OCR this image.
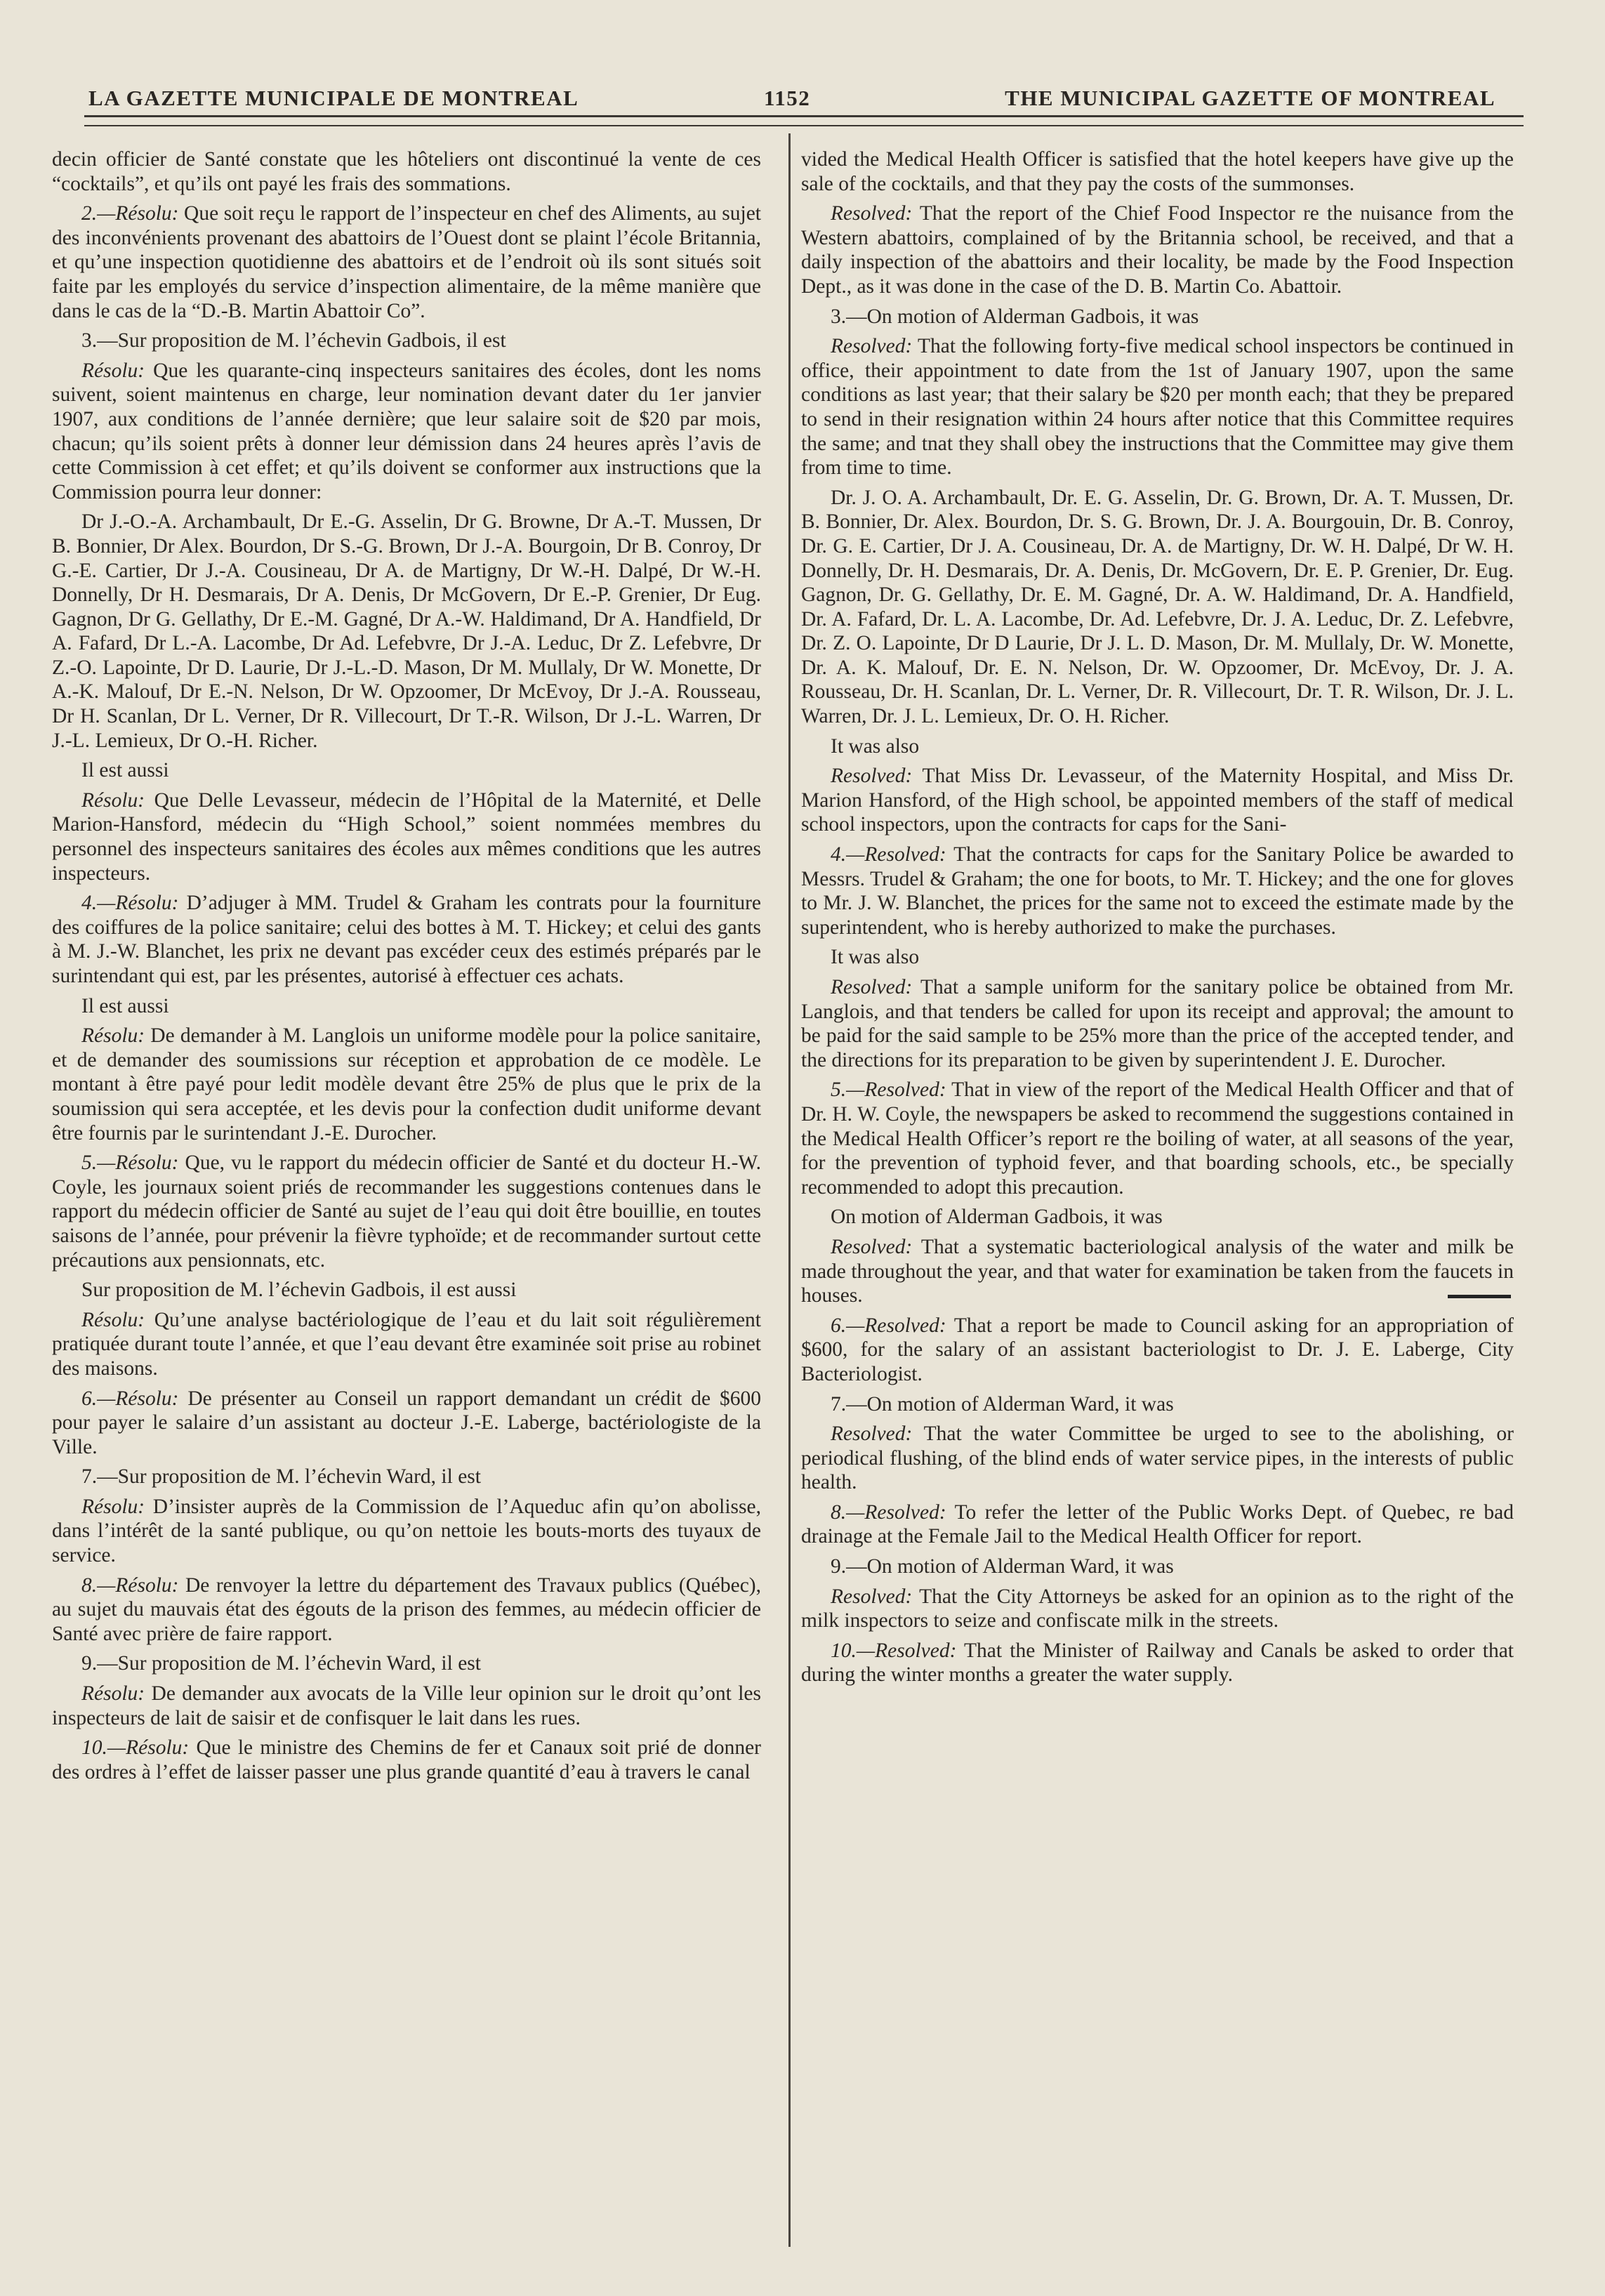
LA GAZETTE MUNICIPALE DE MONTREAL	1152	THE MUNICIPAL GAZETTE OF MONTREAL

decin officier de Santé constate que les hôteliers ont discontinué la vente de ces “cocktails”, et qu’ils ont payé les frais des sommations.

2.—Résolu: Que soit reçu le rapport de l’inspecteur en chef des Aliments, au sujet des inconvénients provenant des abattoirs de l’Ouest dont se plaint l’école Britannia, et qu’une inspection quotidienne des abattoirs et de l’endroit où ils sont situés soit faite par les employés du service d’inspection alimentaire, de la même manière que dans le cas de la “D.-B. Martin Abattoir Co”.

3.—Sur proposition de M. l’échevin Gadbois, il est

Résolu: Que les quarante-cinq inspecteurs sanitaires des écoles, dont les noms suivent, soient maintenus en charge, leur nomination devant dater du 1er janvier 1907, aux conditions de l’année dernière; que leur salaire soit de $20 par mois, chacun; qu’ils soient prêts à donner leur démission dans 24 heures après l’avis de cette Commission à cet effet; et qu’ils doivent se conformer aux instructions que la Commission pourra leur donner:

Dr J.-O.-A. Archambault, Dr E.-G. Asselin, Dr G. Browne, Dr A.-T. Mussen, Dr B. Bonnier, Dr Alex. Bourdon, Dr S.-G. Brown, Dr J.-A. Bourgoin, Dr B. Conroy, Dr G.-E. Cartier, Dr J.-A. Cousineau, Dr A. de Martigny, Dr W.-H. Dalpé, Dr W.-H. Donnelly, Dr H. Desmarais, Dr A. Denis, Dr McGovern, Dr E.-P. Grenier, Dr Eug. Gagnon, Dr G. Gellathy, Dr E.-M. Gagné, Dr A.-W. Haldimand, Dr A. Handfield, Dr A. Fafard, Dr L.-A. Lacombe, Dr Ad. Lefebvre, Dr J.-A. Leduc, Dr Z. Lefebvre, Dr Z.-O. Lapointe, Dr D. Laurie, Dr J.-L.-D. Mason, Dr M. Mullaly, Dr W. Monette, Dr A.-K. Malouf, Dr E.-N. Nelson, Dr W. Opzoomer, Dr McEvoy, Dr J.-A. Rousseau, Dr H. Scanlan, Dr L. Verner, Dr R. Villecourt, Dr T.-R. Wilson, Dr J.-L. Warren, Dr J.-L. Lemieux, Dr O.-H. Richer.

Il est aussi

Résolu: Que Delle Levasseur, médecin de l’Hôpital de la Maternité, et Delle Marion-Hansford, médecin du “High School,” soient nommées membres du personnel des inspecteurs sanitaires des écoles aux mêmes conditions que les autres inspecteurs.

4.—Résolu: D’adjuger à MM. Trudel & Graham les contrats pour la fourniture des coiffures de la police sanitaire; celui des bottes à M. T. Hickey; et celui des gants à M. J.-W. Blanchet, les prix ne devant pas excéder ceux des estimés préparés par le surintendant qui est, par les présentes, autorisé à effectuer ces achats.

Il est aussi

Résolu: De demander à M. Langlois un uniforme modèle pour la police sanitaire, et de demander des soumissions sur réception et approbation de ce modèle. Le montant à être payé pour ledit modèle devant être 25% de plus que le prix de la soumission qui sera acceptée, et les devis pour la confection dudit uniforme devant être fournis par le surintendant J.-E. Durocher.

5.—Résolu: Que, vu le rapport du médecin officier de Santé et du docteur H.-W. Coyle, les journaux soient priés de recommander les suggestions contenues dans le rapport du médecin officier de Santé au sujet de l’eau qui doit être bouillie, en toutes saisons de l’année, pour prévenir la fièvre typhoïde; et de recommander surtout cette précautions aux pensionnats, etc.

Sur proposition de M. l’échevin Gadbois, il est aussi

Résolu: Qu’une analyse bactériologique de l’eau et du lait soit régulièrement pratiquée durant toute l’année, et que l’eau devant être examinée soit prise au robinet des maisons.

6.—Résolu: De présenter au Conseil un rapport demandant un crédit de $600 pour payer le salaire d’un assistant au docteur J.-E. Laberge, bactériologiste de la Ville.

7.—Sur proposition de M. l’échevin Ward, il est

Résolu: D’insister auprès de la Commission de l’Aqueduc afin qu’on abolisse, dans l’intérêt de la santé publique, ou qu’on nettoie les bouts-morts des tuyaux de service.

8.—Résolu: De renvoyer la lettre du département des Travaux publics (Québec), au sujet du mauvais état des égouts de la prison des femmes, au médecin officier de Santé avec prière de faire rapport.

9.—Sur proposition de M. l’échevin Ward, il est

Résolu: De demander aux avocats de la Ville leur opinion sur le droit qu’ont les inspecteurs de lait de saisir et de confisquer le lait dans les rues.

10.—Résolu: Que le ministre des Chemins de fer et Canaux soit prié de donner des ordres à l’effet de laisser passer une plus grande quantité d’eau à travers le canal

vided the Medical Health Officer is satisfied that the hotel keepers have give up the sale of the cocktails, and that they pay the costs of the summonses.

Resolved: That the report of the Chief Food Inspector re the nuisance from the Western abattoirs, complained of by the Britannia school, be received, and that a daily inspection of the abattoirs and their locality, be made by the Food Inspection Dept., as it was done in the case of the D. B. Martin Co. Abattoir.

3.—On motion of Alderman Gadbois, it was

Resolved: That the following forty-five medical school inspectors be continued in office, their appointment to date from the 1st of January 1907, upon the same conditions as last year; that their salary be $20 per month each; that they be prepared to send in their resignation within 24 hours after notice that this Committee requires the same; and tnat they shall obey the instructions that the Committee may give them from time to time.

Dr. J. O. A. Archambault, Dr. E. G. Asselin, Dr. G. Brown, Dr. A. T. Mussen, Dr. B. Bonnier, Dr. Alex. Bourdon, Dr. S. G. Brown, Dr. J. A. Bourgouin, Dr. B. Conroy, Dr. G. E. Cartier, Dr J. A. Cousineau, Dr. A. de Martigny, Dr. W. H. Dalpé, Dr W. H. Donnelly, Dr. H. Desmarais, Dr. A. Denis, Dr. McGovern, Dr. E. P. Grenier, Dr. Eug. Gagnon, Dr. G. Gellathy, Dr. E. M. Gagné, Dr. A. W. Haldimand, Dr. A. Handfield, Dr. A. Fafard, Dr. L. A. Lacombe, Dr. Ad. Lefebvre, Dr. J. A. Leduc, Dr. Z. Lefebvre, Dr. Z. O. Lapointe, Dr D Laurie, Dr J. L. D. Mason, Dr. M. Mullaly, Dr. W. Monette, Dr. A. K. Malouf, Dr. E. N. Nelson, Dr. W. Opzoomer, Dr. McEvoy, Dr. J. A. Rousseau, Dr. H. Scanlan, Dr. L. Verner, Dr. R. Villecourt, Dr. T. R. Wilson, Dr. J. L. Warren, Dr. J. L. Lemieux, Dr. O. H. Richer.

It was also

Resolved: That Miss Dr. Levasseur, of the Maternity Hospital, and Miss Dr. Marion Hansford, of the High school, be appointed members of the staff of medical school inspectors, upon the contracts for caps for the Sani-

4.—Resolved: That the contracts for caps for the Sanitary Police be awarded to Messrs. Trudel & Graham; the one for boots, to Mr. T. Hickey; and the one for gloves to Mr. J. W. Blanchet, the prices for the same not to exceed the estimate made by the superintendent, who is hereby authorized to make the purchases.

It was also

Resolved: That a sample uniform for the sanitary police be obtained from Mr. Langlois, and that tenders be called for upon its receipt and approval; the amount to be paid for the said sample to be 25% more than the price of the accepted tender, and the directions for its preparation to be given by superintendent J. E. Durocher.

5.—Resolved: That in view of the report of the Medical Health Officer and that of Dr. H. W. Coyle, the newspapers be asked to recommend the suggestions contained in the Medical Health Officer’s report re the boiling of water, at all seasons of the year, for the prevention of typhoid fever, and that boarding schools, etc., be specially recommended to adopt this precaution.

On motion of Alderman Gadbois, it was

Resolved: That a systematic bacteriological analysis of the water and milk be made throughout the year, and that water for examination be taken from the faucets in houses.

6.—Resolved: That a report be made to Council asking for an appropriation of $600, for the salary of an assistant bacteriologist to Dr. J. E. Laberge, City Bacteriologist.

7.—On motion of Alderman Ward, it was

Resolved: That the water Committee be urged to see to the abolishing, or periodical flushing, of the blind ends of water service pipes, in the interests of public health.

8.—Resolved: To refer the letter of the Public Works Dept. of Quebec, re bad drainage at the Female Jail to the Medical Health Officer for report.

9.—On motion of Alderman Ward, it was

Resolved: That the City Attorneys be asked for an opinion as to the right of the milk inspectors to seize and confiscate milk in the streets.

10.—Resolved: That the Minister of Railway and Canals be asked to order that during the winter months a greater the water supply.
